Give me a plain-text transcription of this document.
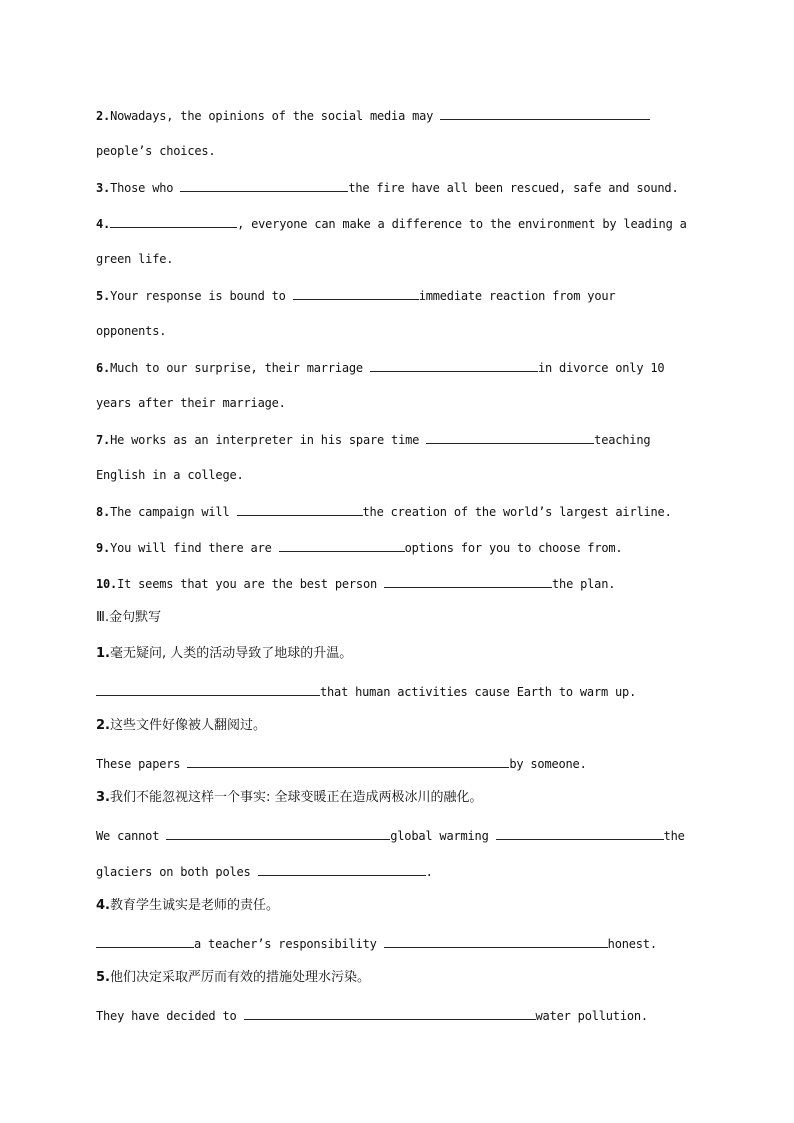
2.Nowadays, the opinions of the social media may
people’s choices.
3.Those who	the fire have all been rescued, safe and sound.
4.	, everyone can make a difference to the environment by leading a
green life.
5.Your response is bound to	immediate reaction from your
opponents.
6.Much to our surprise, their marriage	in divorce only 10
years after their marriage.
7.He works as an interpreter in his spare time	teaching
English in a college.
8.The campaign will	the creation of the world’s largest airline.
9.You will find there are	options for you to choose from.
10.It seems that you are the best person	the plan.
Ⅲ.金句默写
1.毫无疑问, 人类的活动导致了地球的升温。
that human activities cause Earth to warm up.
2.这些文件好像被人翻阅过。
These papers	by someone.
3.我们不能忽视这样一个事实: 全球变暖正在造成两极冰川的融化。
We cannot	global warming	the
glaciers on both poles	.
4.教育学生诚实是老师的责任。
a teacher’s responsibility	honest.
5.他们决定采取严厉而有效的措施处理水污染。
They have decided to	water pollution.
